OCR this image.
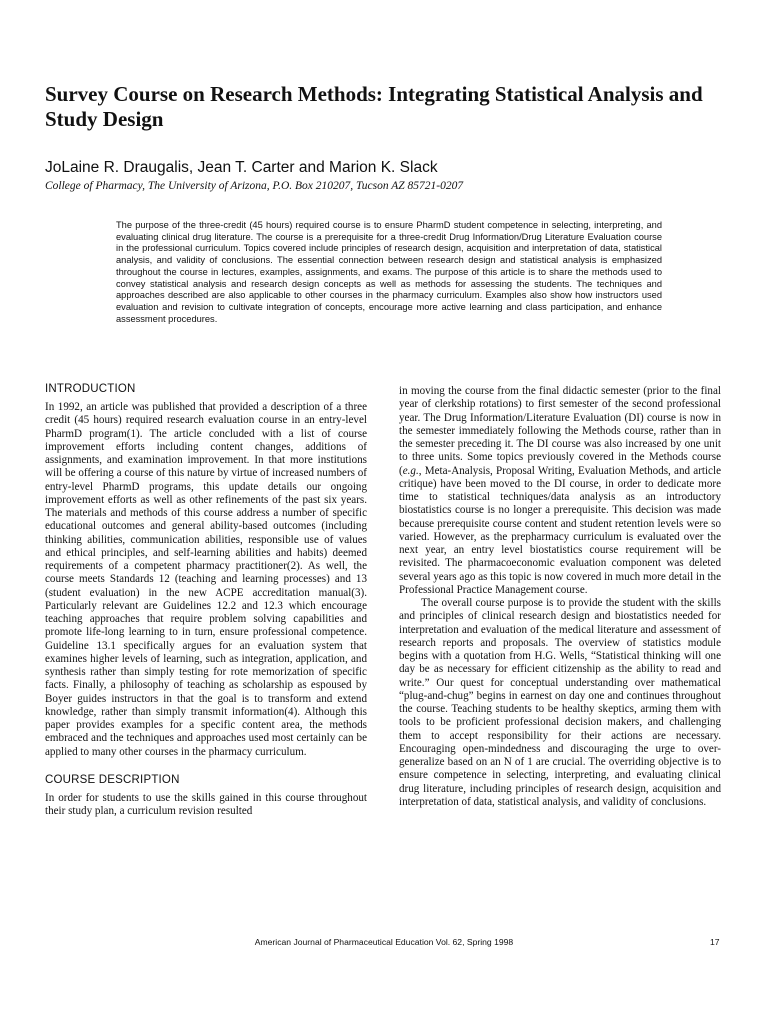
Survey Course on Research Methods: Integrating Statistical Analysis and Study Design
JoLaine R. Draugalis, Jean T. Carter and Marion K. Slack
College of Pharmacy, The University of Arizona, P.O. Box 210207, Tucson AZ 85721-0207

The purpose of the three-credit (45 hours) required course is to ensure PharmD student competence in selecting, interpreting, and evaluating clinical drug literature. The course is a prerequisite for a three-credit Drug Information/Drug Literature Evaluation course in the professional curriculum. Topics covered include principles of research design, acquisition and interpretation of data, statistical analysis, and validity of conclusions. The essential connection between research design and statistical analysis is emphasized throughout the course in lectures, examples, assignments, and exams. The purpose of this article is to share the methods used to convey statistical analysis and research design concepts as well as methods for assessing the students. The techniques and approaches described are also applicable to other courses in the pharmacy curriculum. Examples also show how instructors used evaluation and revision to cultivate integration of concepts, encourage more active learning and class participation, and enhance assessment procedures.

INTRODUCTION

In 1992, an article was published that provided a description of a three credit (45 hours) required research evaluation course in an entry-level PharmD program(1). The article concluded with a list of course improvement efforts including content changes, additions of assignments, and examination improvement. In that more institutions will be offering a course of this nature by virtue of increased numbers of entry-level PharmD programs, this update details our ongoing improvement efforts as well as other refinements of the past six years. The materials and methods of this course address a number of specific educational outcomes and general ability-based outcomes (including thinking abilities, communication abilities, responsible use of values and ethical principles, and self-learning abilities and habits) deemed requirements of a competent pharmacy practitioner(2). As well, the course meets Standards 12 (teaching and learning processes) and 13 (student evaluation) in the new ACPE accreditation manual(3). Particularly relevant are Guidelines 12.2 and 12.3 which encourage teaching approaches that require problem solving capabilities and promote life-long learning to in turn, ensure professional competence. Guideline 13.1 specifically argues for an evaluation system that examines higher levels of learning, such as integration, application, and synthesis rather than simply testing for rote memorization of specific facts. Finally, a philosophy of teaching as scholarship as espoused by Boyer guides instructors in that the goal is to transform and extend knowledge, rather than simply transmit information(4). Although this paper provides examples for a specific content area, the methods embraced and the techniques and approaches used most certainly can be applied to many other courses in the pharmacy curriculum.

COURSE DESCRIPTION

In order for students to use the skills gained in this course throughout their study plan, a curriculum revision resulted

in moving the course from the final didactic semester (prior to the final year of clerkship rotations) to first semester of the second professional year. The Drug Information/Literature Evaluation (DI) course is now in the semester immediately following the Methods course, rather than in the semester preceding it. The DI course was also increased by one unit to three units. Some topics previously covered in the Methods course (e.g., Meta-Analysis, Proposal Writing, Evaluation Methods, and article critique) have been moved to the DI course, in order to dedicate more time to statistical techniques/data analysis as an introductory biostatistics course is no longer a prerequisite. This decision was made because prerequisite course content and student retention levels were so varied. However, as the prepharmacy curriculum is evaluated over the next year, an entry level biostatistics course requirement will be revisited. The pharmacoeconomic evaluation component was deleted several years ago as this topic is now covered in much more detail in the Professional Practice Management course.

The overall course purpose is to provide the student with the skills and principles of clinical research design and biostatistics needed for interpretation and evaluation of the medical literature and assessment of research reports and proposals. The overview of statistics module begins with a quotation from H.G. Wells, “Statistical thinking will one day be as necessary for efficient citizenship as the ability to read and write.” Our quest for conceptual understanding over mathematical “plug-and-chug” begins in earnest on day one and continues throughout the course. Teaching students to be healthy skeptics, arming them with tools to be proficient professional decision makers, and challenging them to accept responsibility for their actions are necessary. Encouraging open-mindedness and discouraging the urge to over-generalize based on an N of 1 are crucial. The overriding objective is to ensure competence in selecting, interpreting, and evaluating clinical drug literature, including principles of research design, acquisition and interpretation of data, statistical analysis, and validity of conclusions.

American Journal of Pharmaceutical Education Vol. 62, Spring 1998	17
